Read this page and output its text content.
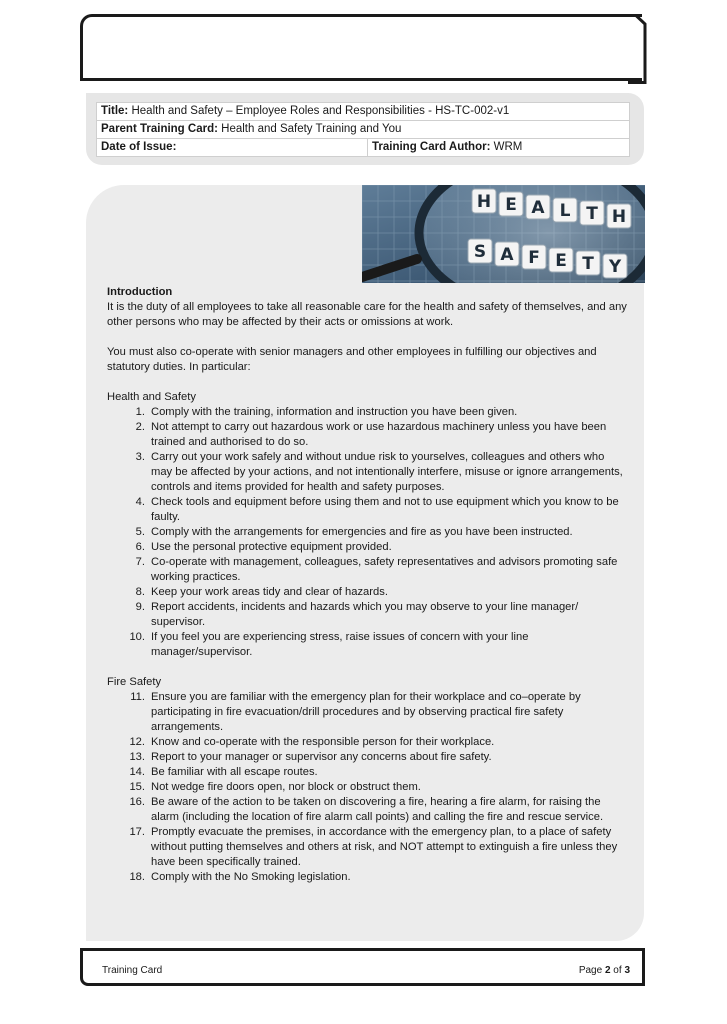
Title: Health and Safety – Employee Roles and Responsibilities - HS-TC-002-v1
Parent Training Card: Health and Safety Training and You
Date of Issue:	Training Card Author: WRM
H E A L T H
S A F E T Y

Introduction

It is the duty of all employees to take all reasonable care for the health and safety of themselves, and any other persons who may be affected by their acts or omissions at work.

You must also co-operate with senior managers and other employees in fulfilling our objectives and statutory duties. In particular:

Health and Safety

1. Comply with the training, information and instruction you have been given.
2. Not attempt to carry out hazardous work or use hazardous machinery unless you have been trained and authorised to do so.
3. Carry out your work safely and without undue risk to yourselves, colleagues and others who may be affected by your actions, and not intentionally interfere, misuse or ignore arrangements, controls and items provided for health and safety purposes.
4. Check tools and equipment before using them and not to use equipment which you know to be faulty.
5. Comply with the arrangements for emergencies and fire as you have been instructed.
6. Use the personal protective equipment provided.
7. Co-operate with management, colleagues, safety representatives and advisors promoting safe working practices.
8. Keep your work areas tidy and clear of hazards.
9. Report accidents, incidents and hazards which you may observe to your line manager/ supervisor.
10. If you feel you are experiencing stress, raise issues of concern with your line manager/supervisor.

Fire Safety

11. Ensure you are familiar with the emergency plan for their workplace and co–operate by participating in fire evacuation/drill procedures and by observing practical fire safety arrangements.
12. Know and co-operate with the responsible person for their workplace.
13. Report to your manager or supervisor any concerns about fire safety.
14. Be familiar with all escape routes.
15. Not wedge fire doors open, nor block or obstruct them.
16. Be aware of the action to be taken on discovering a fire, hearing a fire alarm, for raising the alarm (including the location of fire alarm call points) and calling the fire and rescue service.
17. Promptly evacuate the premises, in accordance with the emergency plan, to a place of safety without putting themselves and others at risk, and NOT attempt to extinguish a fire unless they have been specifically trained.
18. Comply with the No Smoking legislation.
Training Card	Page 2 of 3
